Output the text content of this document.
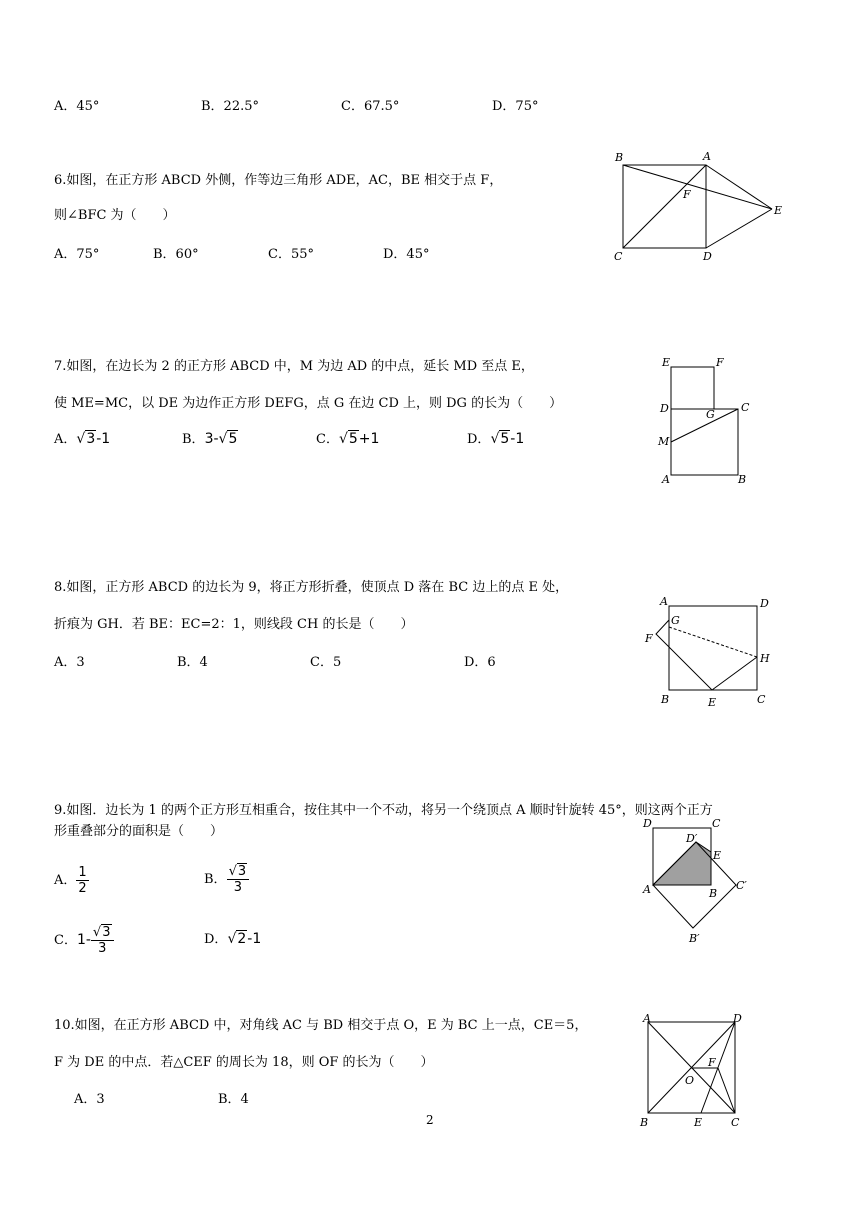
A．45°	B．22.5°	C．67.5°	D．75°
6.如图，在正方形 ABCD 外侧，作等边三角形 ADE，AC，BE 相交于点 F，
则∠BFC 为（　　）
A．75°	B．60°	C．55°	D．45°
B	A
F
E
C	D
7.如图，在边长为 2 的正方形 ABCD 中，M 为边 AD 的中点，延长 MD 至点 E，
使 ME=MC，以 DE 为边作正方形 DEFG，点 G 在边 CD 上，则 DG 的长为（　　）
A．√3-1	B．3-√5	C．√5+1	D．√5-1
E	F
D	G
C
M
A	B
8.如图，正方形 ABCD 的边长为 9，将正方形折叠，使顶点 D 落在 BC 边上的点 E 处，
折痕为 GH．若 BE：EC=2：1，则线段 CH 的长是（　　）
A．3	B．4	C．5	D．6
A	D
G
F
H
B	E	C
9.如图．边长为 1 的两个正方形互相重合，按住其中一个不动，将另一个绕顶点 A 顺时针旋转 45°，则这两个正方
形重叠部分的面积是（　　）
A． $\frac{1}{2}$	B． $\frac{√3}{3}$
C．$1- \frac{√3}{3}$	D．√2-1
D
D′
C
E
A	B
C′
B′
10.如图，在正方形 ABCD 中，对角线 AC 与 BD 相交于点 O，E 为 BC 上一点，CE＝5，
F 为 DE 的中点．若△CEF 的周长为 18，则 OF 的长为（　　）
A．3	B．4
A	D
F
O
B	E	C
2
